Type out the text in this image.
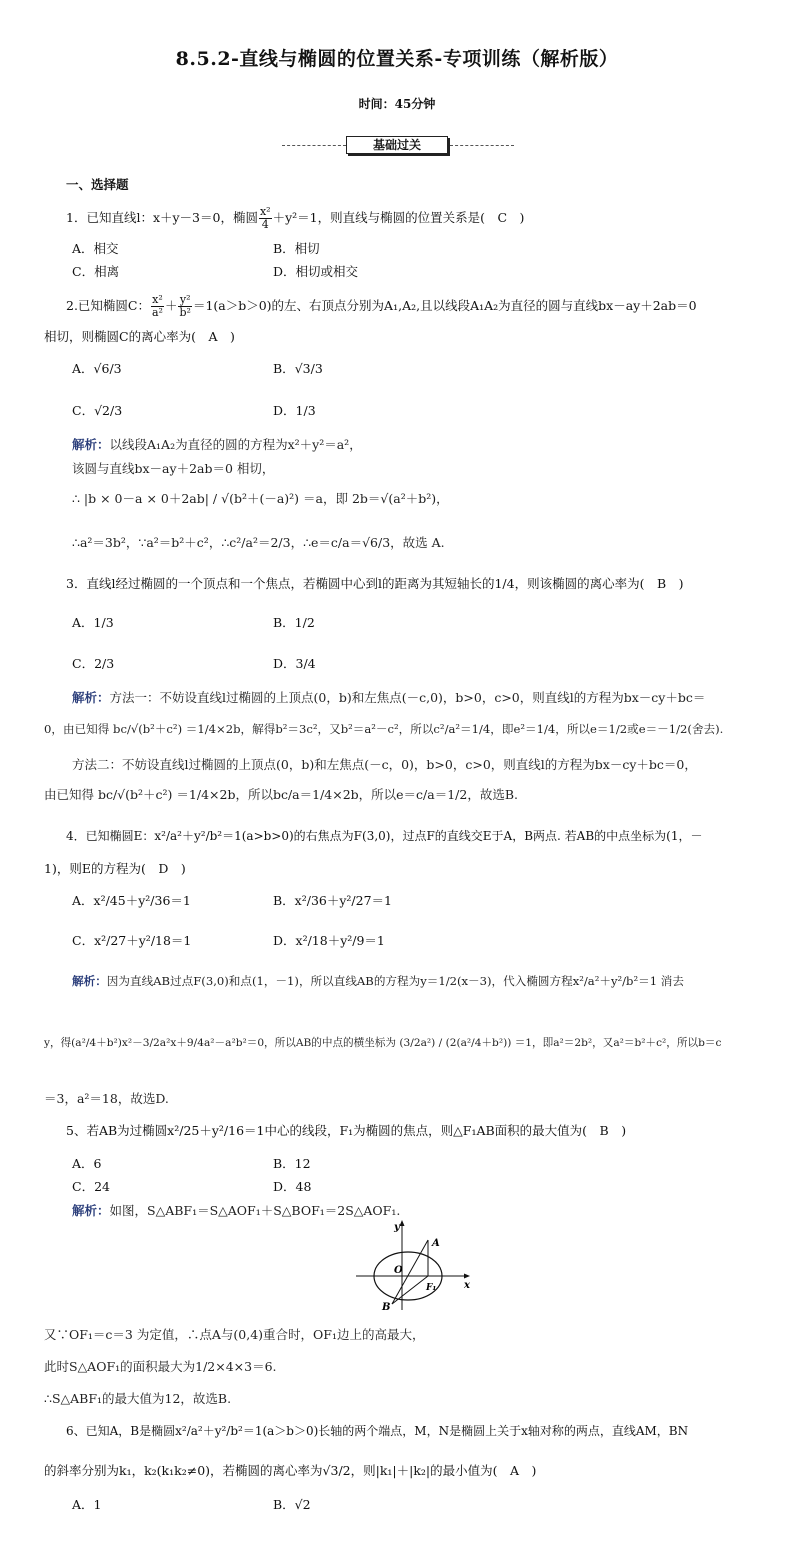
8.5.2-直线与椭圆的位置关系-专项训练（解析版）
时间：45分钟
基础过关
一、选择题
1．已知直线l：x＋y－3＝0，椭圆 $\frac{\text{x²}}{4} +y^2=1$，则直线与椭圆的位置关系是(　C　)
A．相交	B．相切
C．相离	D．相切或相交
2.已知椭圆C： $\frac{\text{x²}}{\text{a²}} + \frac{\text{y²}}{\text{b²}} =1(a>b>0)$的左、右顶点分别为A₁,A₂,且以线段A₁A₂为直径的圆与直线bx－ay＋2ab＝0
相切，则椭圆C的离心率为(　A　)
A．√6/3	B．√3/3
C．√2/3	D．1/3
解析：以线段A₁A₂为直径的圆的方程为x²＋y²＝a²，
该圆与直线bx－ay＋2ab＝0 相切，
∴ |b × 0－a × 0＋2ab| / √(b²＋(－a)²) ＝a，即 2b＝√(a²＋b²)，
∴a²＝3b²，∵a²＝b²＋c²，∴c²/a²＝2/3，∴e＝c/a＝√6/3，故选 A.
3．直线l经过椭圆的一个顶点和一个焦点，若椭圆中心到l的距离为其短轴长的1/4，则该椭圆的离心率为(　B　)
A．1/3	B．1/2
C．2/3	D．3/4
解析：方法一：不妨设直线l过椭圆的上顶点(0，b)和左焦点(－c,0)，b>0，c>0，则直线l的方程为bx－cy＋bc＝
0，由已知得 bc/√(b²＋c²) ＝1/4×2b，解得b²＝3c²，又b²＝a²－c²，所以c²/a²＝1/4，即e²＝1/4，所以e＝1/2或e＝－1/2(舍去).
方法二：不妨设直线l过椭圆的上顶点(0，b)和左焦点(－c，0)，b>0，c>0，则直线l的方程为bx－cy＋bc＝0，
由已知得 bc/√(b²＋c²) ＝1/4×2b，所以bc/a＝1/4×2b，所以e＝c/a＝1/2，故选B.
4．已知椭圆E：x²/a²＋y²/b²＝1(a>b>0)的右焦点为F(3,0)，过点F的直线交E于A，B两点. 若AB的中点坐标为(1，－
1)，则E的方程为(　D　)
A．x²/45＋y²/36＝1	B．x²/36＋y²/27＝1
C．x²/27＋y²/18＝1	D．x²/18＋y²/9＝1
解析：因为直线AB过点F(3,0)和点(1，－1)，所以直线AB的方程为y＝1/2(x－3)，代入椭圆方程x²/a²＋y²/b²＝1 消去
y，得(a²/4＋b²)x²－3/2a²x＋9/4a²－a²b²＝0，所以AB的中点的横坐标为 (3/2a²) / (2(a²/4＋b²)) ＝1，即a²＝2b²，又a²＝b²＋c²，所以b＝c
＝3，a²＝18，故选D.
5、若AB为过椭圆x²/25＋y²/16＝1中心的线段，F₁为椭圆的焦点，则△F₁AB面积的最大值为(　B　)
A．6	B．12
C．24	D．48
解析：如图，S△ABF₁＝S△AOF₁＋S△BOF₁＝2S△AOF₁.
y
x
A
O
F₁
B
又∵OF₁＝c＝3 为定值，∴点A与(0,4)重合时，OF₁边上的高最大，
此时S△AOF₁的面积最大为1/2×4×3＝6.
∴S△ABF₁的最大值为12，故选B.
6、已知A，B是椭圆x²/a²＋y²/b²＝1(a＞b＞0)长轴的两个端点，M，N是椭圆上关于x轴对称的两点，直线AM，BN
的斜率分别为k₁，k₂(k₁k₂≠0)，若椭圆的离心率为√3/2，则|k₁|＋|k₂|的最小值为(　A　)
A．1	B．√2
